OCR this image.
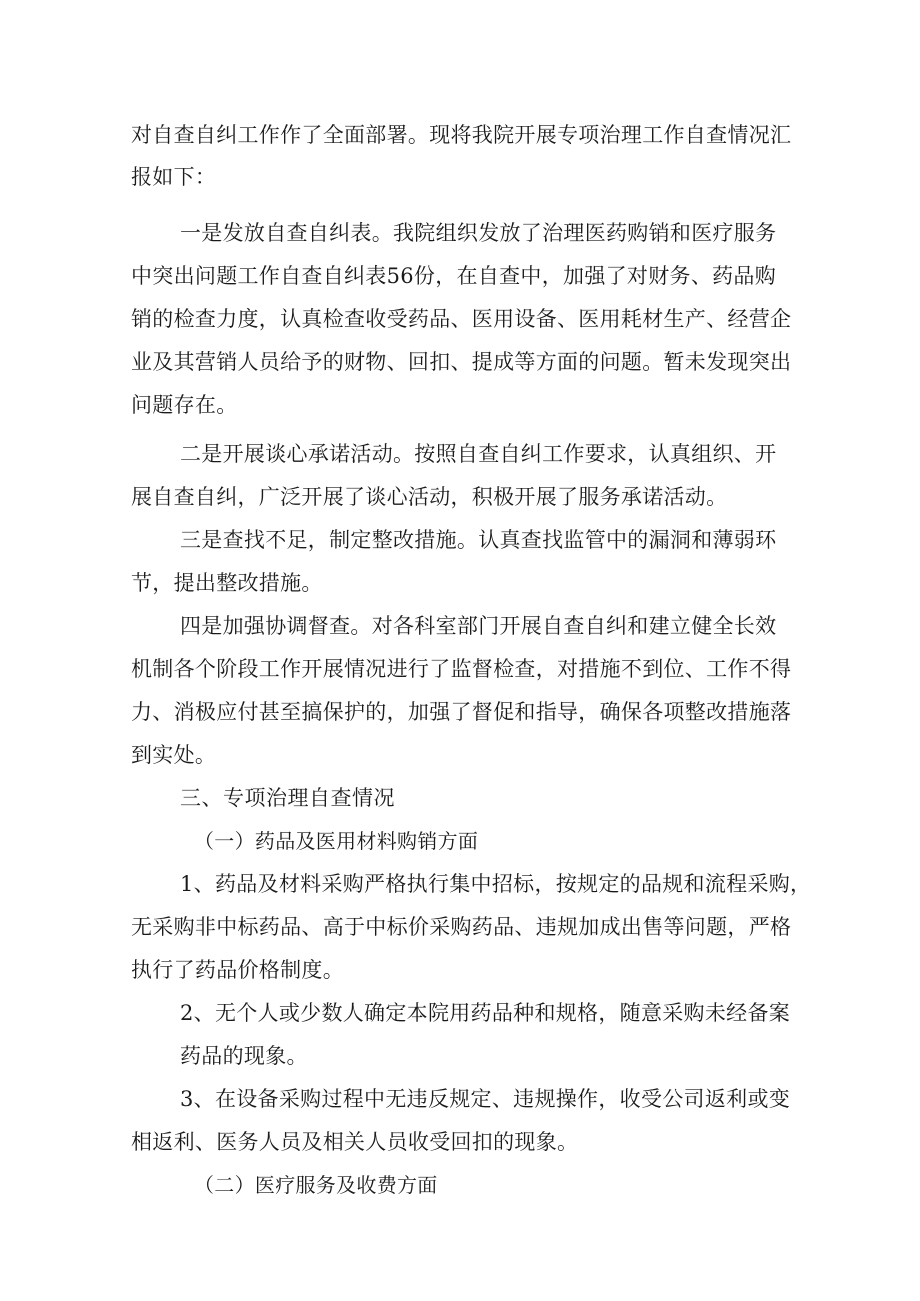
对自查自纠工作作了全面部署。现将我院开展专项治理工作自查情况汇
报如下：
一是发放自查自纠表。我院组织发放了治理医药购销和医疗服务
中突出问题工作自查自纠表56份，在自查中，加强了对财务、药品购
销的检查力度，认真检查收受药品、医用设备、医用耗材生产、经营企
业及其营销人员给予的财物、回扣、提成等方面的问题。暂未发现突出
问题存在。
二是开展谈心承诺活动。按照自查自纠工作要求，认真组织、开
展自查自纠，广泛开展了谈心活动，积极开展了服务承诺活动。
三是查找不足，制定整改措施。认真查找监管中的漏洞和薄弱环
节，提出整改措施。
四是加强协调督查。对各科室部门开展自查自纠和建立健全长效
机制各个阶段工作开展情况进行了监督检查，对措施不到位、工作不得
力、消极应付甚至搞保护的，加强了督促和指导，确保各项整改措施落
到实处。
三、专项治理自查情况
（一）药品及医用材料购销方面
1、药品及材料采购严格执行集中招标，按规定的品规和流程采购，
无采购非中标药品、高于中标价采购药品、违规加成出售等问题，严格
执行了药品价格制度。
2、无个人或少数人确定本院用药品种和规格，随意采购未经备案
药品的现象。
3、在设备采购过程中无违反规定、违规操作，收受公司返利或变
相返利、医务人员及相关人员收受回扣的现象。
（二）医疗服务及收费方面
